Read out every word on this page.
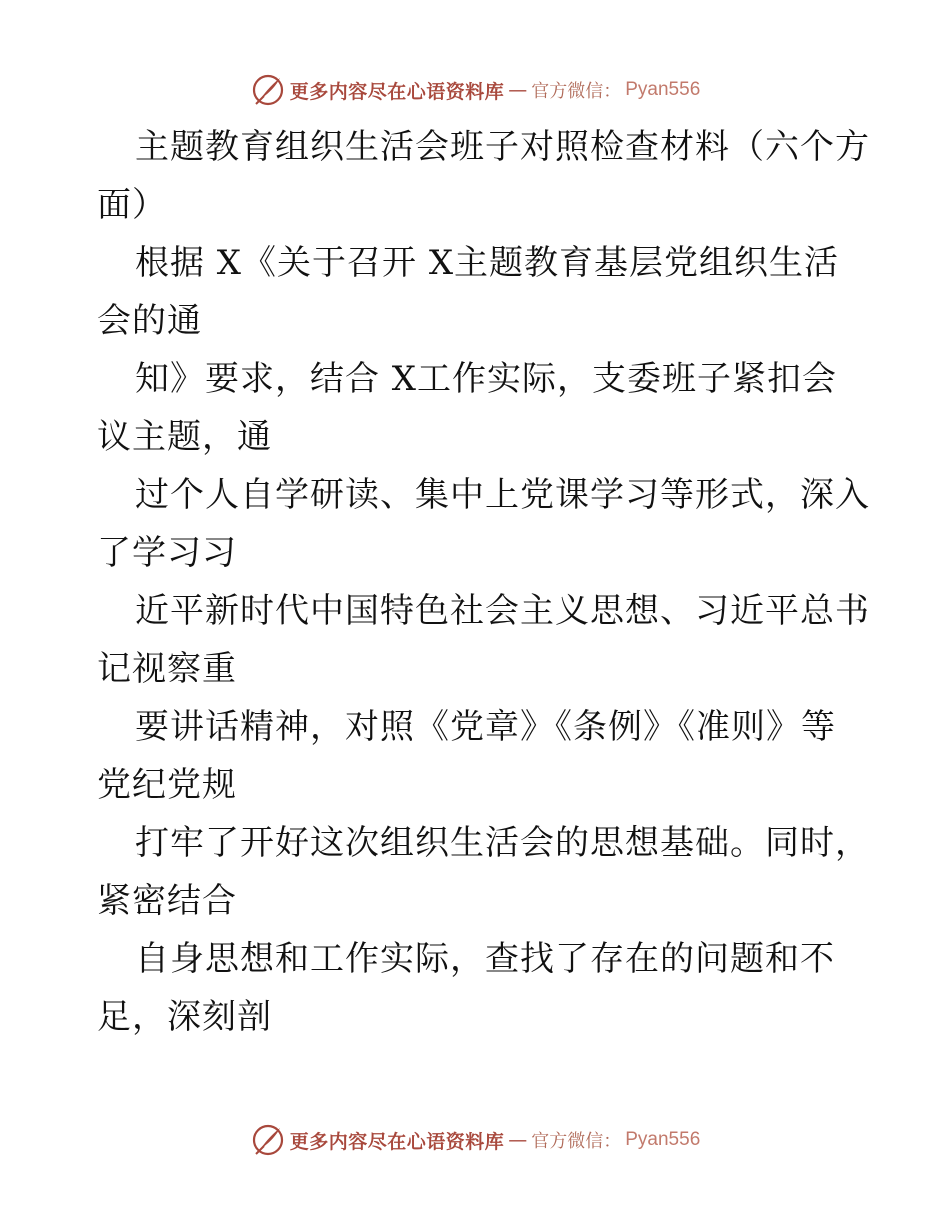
更多内容尽在心语资料库 — 官方微信： Pyan556
主题教育组织生活会班子对照检查材料（六个方
面）
根据 X《关于召开 X主题教育基层党组织生活
会的通
知》要求，结合 X工作实际，支委班子紧扣会
议主题，通
过个人自学研读、集中上党课学习等形式，深入
了学习习
近平新时代中国特色社会主义思想、习近平总书
记视察重
要讲话精神，对照《党章》《条例》《准则》等
党纪党规
打牢了开好这次组织生活会的思想基础。同时，
紧密结合
自身思想和工作实际，查找了存在的问题和不
足，深刻剖
更多内容尽在心语资料库 — 官方微信： Pyan556
